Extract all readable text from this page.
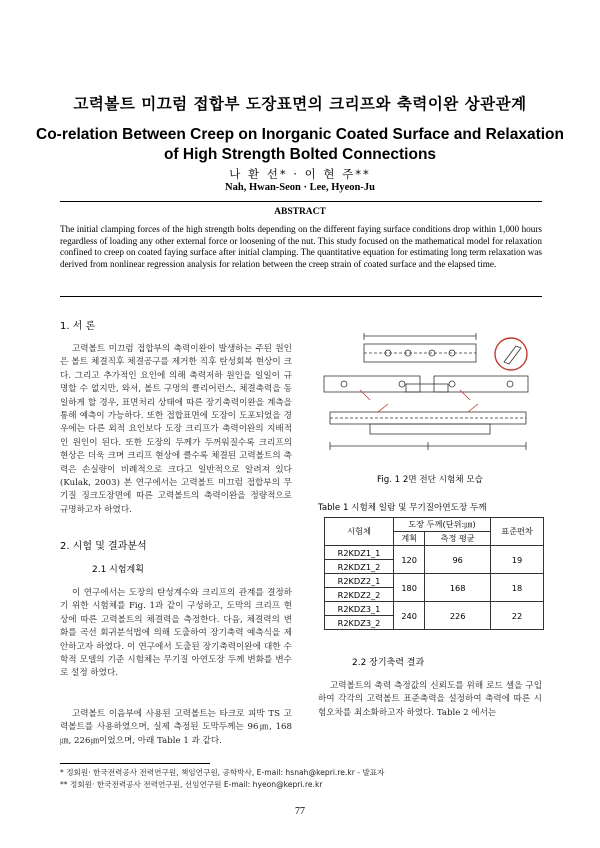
고력볼트 미끄럼 접합부 도장표면의 크리프와 축력이완 상관관계
Co-relation Between Creep on Inorganic Coated Surface and Relaxation
of High Strength Bolted Connections
나 환 선* · 이 현 주**
Nah, Hwan-Seon · Lee, Hyeon-Ju
ABSTRACT
The initial clamping forces of the high strength bolts depending on the different faying surface conditions drop within 1,000 hours regardless of loading any other external force or loosening of the nut. This study focused on the mathematical model for relaxation confined to creep on coated faying surface after initial clamping. The quantitative equation for estimating long term relaxation was derived from nonlinear regression analysis for relation between the creep strain of coated surface and the elapsed time.
1. 서 론
고력볼트 미끄럼 접합부의 축력이완이 발생하는 주된 원인은 볼트 체결직후 체결공구를 제거한 직후 탄성회복 현상이 크다. 그리고 추가적인 요인에 의해 축력저하 원인을 일일이 규명할 수 없지만, 와셔, 볼트 구멍의 클리어런스, 체결축력을 동일하게 할 경우, 표면처리 상태에 따른 장기축력이완을 계측을 통해 예측이 가능하다. 또한 접합표면에 도장이 도포되었을 경우에는 다른 외적 요인보다 도장 크리프가 축력이완의 지배적인 원인이 된다. 또한 도장의 두께가 두꺼워질수록 크리프의 현상은 더욱 크며 크리프 현상에 클수록 체결된 고력볼트의 축력은 손실량이 비례적으로 크다고 일반적으로 알려져 있다(Kulak, 2003) 본 연구에서는 고력볼트 미끄럼 접합부의 무기질 징크도장면에 따른 고력볼트의 축력이완을 정량적으로 규명하고자 하였다.
2. 시험 및 결과분석
2.1 시험계획
이 연구에서는 도장의 탄성계수와 크리프의 관계를 결정하기 위한 시험체를 Fig. 1과 같이 구성하고, 도막의 크리프 현상에 따른 고력볼트의 체결력을 측정한다. 다음, 체결력의 변화를 곡선 회귀분석법에 의해 도출하여 장기축력 예측식을 제안하고자 하였다. 이 연구에서 도출된 장기축력이완에 대한 수학적 모델의 기준 시험체는 무기질 아연도장 두께 변화를 변수로 설정 하였다.
고력볼트 이음부에 사용된 고력볼트는 타크로 피박 TS 고력볼트를 사용하였으며, 실제 측정된 도막두께는 96㎛, 168㎛, 226㎛이었으며, 아래 Table 1 과 같다.
Fig. 1 2면 전단 시험체 모습
Table 1 시험체 일람 및 무기질아연도장 두께
시험체	도장 두께(단위:㎛)		표준편차
	계획	측정 평균	
R2KDZ1_1	120	96	19
R2KDZ1_2			
R2KDZ2_1	180	168	18
R2KDZ2_2			
R2KDZ3_1	240	226	22
R2KDZ3_2			
2.2 장기축력 결과
고력볼트의 축력 측정값의 신뢰도를 위해 로드 셀을 구입하여 각각의 고력볼트 표준축력을 설정하여 축력에 따른 시험오차를 최소화하고자 하였다. Table 2 에서는
* 정회원· 한국전력공사 전력연구원, 책임연구원, 공학박사, E-mail: hsnah@kepri.re.kr - 발표자
** 정회원· 한국전력공사 전력연구원, 선임연구원 E-mail: hyeon@kepri.re.kr
77
